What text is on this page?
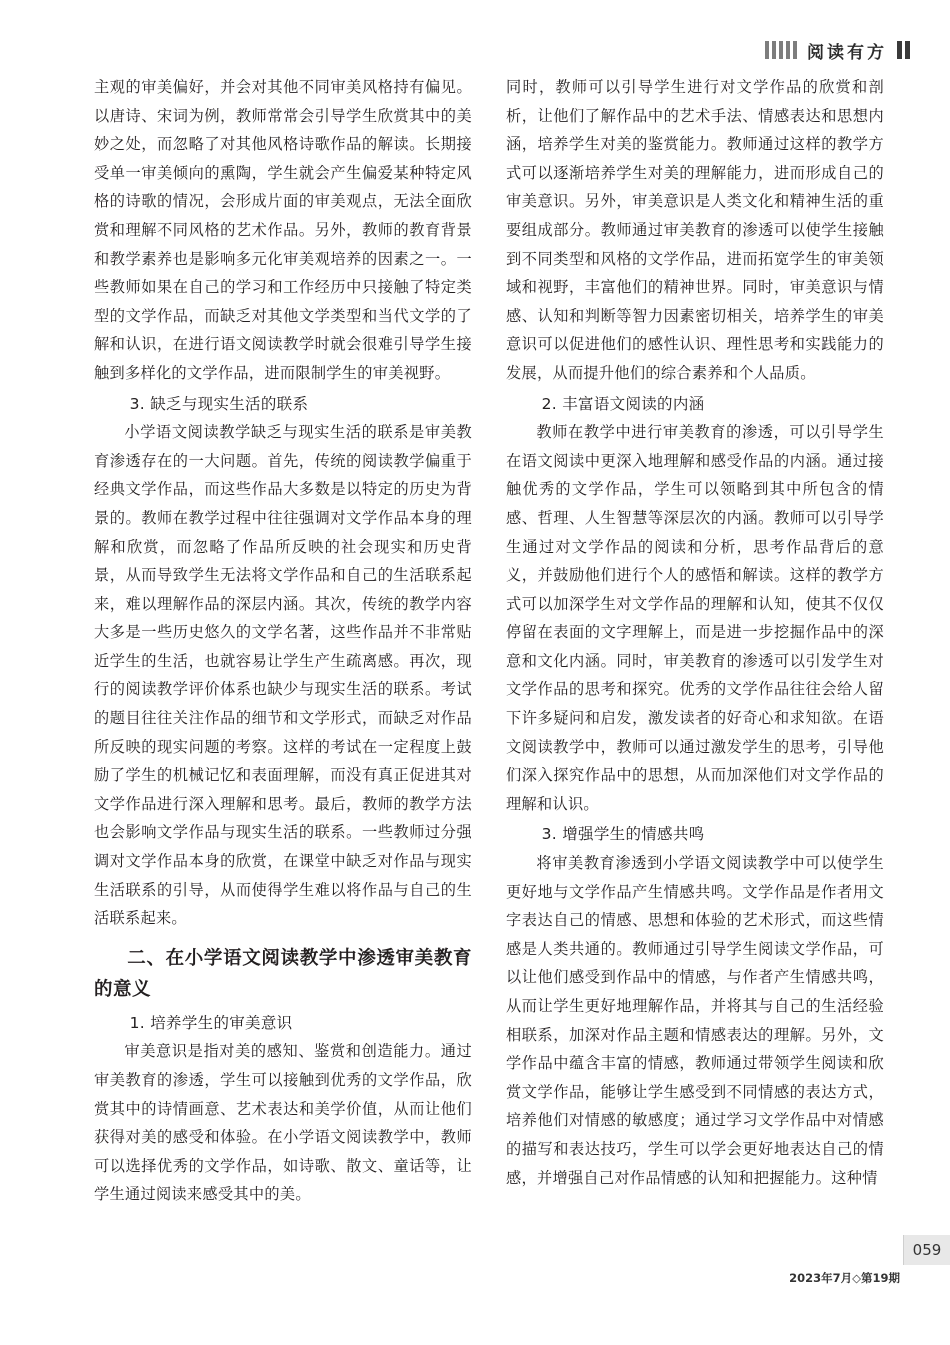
阅读有方

主观的审美偏好，并会对其他不同审美风格持有偏见。以唐诗、宋词为例，教师常常会引导学生欣赏其中的美妙之处，而忽略了对其他风格诗歌作品的解读。长期接受单一审美倾向的熏陶，学生就会产生偏爱某种特定风格的诗歌的情况，会形成片面的审美观点，无法全面欣赏和理解不同风格的艺术作品。另外，教师的教育背景和教学素养也是影响多元化审美观培养的因素之一。一些教师如果在自己的学习和工作经历中只接触了特定类型的文学作品，而缺乏对其他文学类型和当代文学的了解和认识，在进行语文阅读教学时就会很难引导学生接触到多样化的文学作品，进而限制学生的审美视野。

3. 缺乏与现实生活的联系

小学语文阅读教学缺乏与现实生活的联系是审美教育渗透存在的一大问题。首先，传统的阅读教学偏重于经典文学作品，而这些作品大多数是以特定的历史为背景的。教师在教学过程中往往强调对文学作品本身的理解和欣赏，而忽略了作品所反映的社会现实和历史背景，从而导致学生无法将文学作品和自己的生活联系起来，难以理解作品的深层内涵。其次，传统的教学内容大多是一些历史悠久的文学名著，这些作品并不非常贴近学生的生活，也就容易让学生产生疏离感。再次，现行的阅读教学评价体系也缺少与现实生活的联系。考试的题目往往关注作品的细节和文学形式，而缺乏对作品所反映的现实问题的考察。这样的考试在一定程度上鼓励了学生的机械记忆和表面理解，而没有真正促进其对文学作品进行深入理解和思考。最后，教师的教学方法也会影响文学作品与现实生活的联系。一些教师过分强调对文学作品本身的欣赏，在课堂中缺乏对作品与现实生活联系的引导，从而使得学生难以将作品与自己的生活联系起来。

二、在小学语文阅读教学中渗透审美教育的意义
1. 培养学生的审美意识

审美意识是指对美的感知、鉴赏和创造能力。通过审美教育的渗透，学生可以接触到优秀的文学作品，欣赏其中的诗情画意、艺术表达和美学价值，从而让他们获得对美的感受和体验。在小学语文阅读教学中，教师可以选择优秀的文学作品，如诗歌、散文、童话等，让学生通过阅读来感受其中的美。

同时，教师可以引导学生进行对文学作品的欣赏和剖析，让他们了解作品中的艺术手法、情感表达和思想内涵，培养学生对美的鉴赏能力。教师通过这样的教学方式可以逐渐培养学生对美的理解能力，进而形成自己的审美意识。另外，审美意识是人类文化和精神生活的重要组成部分。教师通过审美教育的渗透可以使学生接触到不同类型和风格的文学作品，进而拓宽学生的审美领域和视野，丰富他们的精神世界。同时，审美意识与情感、认知和判断等智力因素密切相关，培养学生的审美意识可以促进他们的感性认识、理性思考和实践能力的发展，从而提升他们的综合素养和个人品质。

2. 丰富语文阅读的内涵

教师在教学中进行审美教育的渗透，可以引导学生在语文阅读中更深入地理解和感受作品的内涵。通过接触优秀的文学作品，学生可以领略到其中所包含的情感、哲理、人生智慧等深层次的内涵。教师可以引导学生通过对文学作品的阅读和分析，思考作品背后的意义，并鼓励他们进行个人的感悟和解读。这样的教学方式可以加深学生对文学作品的理解和认知，使其不仅仅停留在表面的文字理解上，而是进一步挖掘作品中的深意和文化内涵。同时，审美教育的渗透可以引发学生对文学作品的思考和探究。优秀的文学作品往往会给人留下许多疑问和启发，激发读者的好奇心和求知欲。在语文阅读教学中，教师可以通过激发学生的思考，引导他们深入探究作品中的思想，从而加深他们对文学作品的理解和认识。

3. 增强学生的情感共鸣

将审美教育渗透到小学语文阅读教学中可以使学生更好地与文学作品产生情感共鸣。文学作品是作者用文字表达自己的情感、思想和体验的艺术形式，而这些情感是人类共通的。教师通过引导学生阅读文学作品，可以让他们感受到作品中的情感，与作者产生情感共鸣，从而让学生更好地理解作品，并将其与自己的生活经验相联系，加深对作品主题和情感表达的理解。另外，文学作品中蕴含丰富的情感，教师通过带领学生阅读和欣赏文学作品，能够让学生感受到不同情感的表达方式，培养他们对情感的敏感度；通过学习文学作品中对情感的描写和表达技巧，学生可以学会更好地表达自己的情感，并增强自己对作品情感的认知和把握能力。这种情

059
2023年7月◇第19期
